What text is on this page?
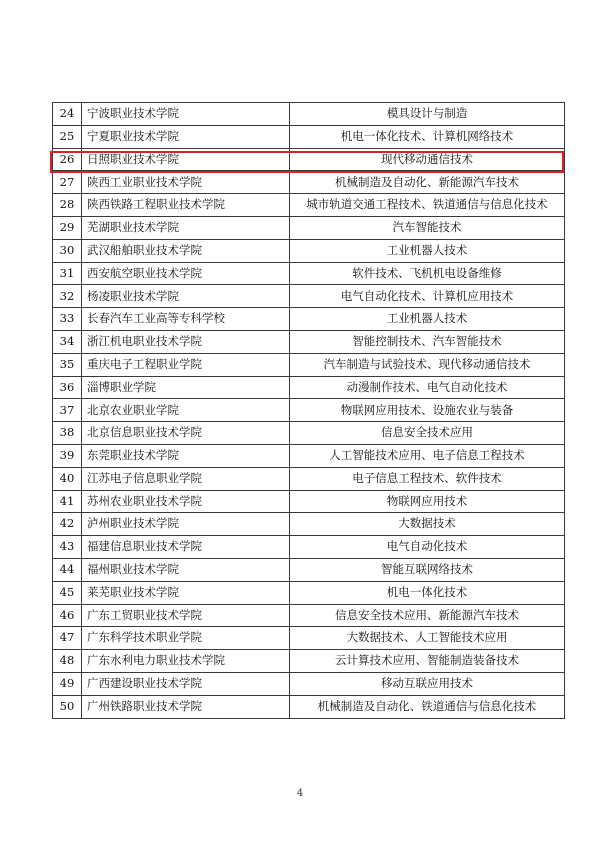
24	宁波职业技术学院	模具设计与制造
25	宁夏职业技术学院	机电一体化技术、计算机网络技术
26	日照职业技术学院	现代移动通信技术
27	陕西工业职业技术学院	机械制造及自动化、新能源汽车技术
28	陕西铁路工程职业技术学院	城市轨道交通工程技术、铁道通信与信息化技术
29	芜湖职业技术学院	汽车智能技术
30	武汉船舶职业技术学院	工业机器人技术
31	西安航空职业技术学院	软件技术、飞机机电设备维修
32	杨凌职业技术学院	电气自动化技术、计算机应用技术
33	长春汽车工业高等专科学校	工业机器人技术
34	浙江机电职业技术学院	智能控制技术、汽车智能技术
35	重庆电子工程职业学院	汽车制造与试验技术、现代移动通信技术
36	淄博职业学院	动漫制作技术、电气自动化技术
37	北京农业职业学院	物联网应用技术、设施农业与装备
38	北京信息职业技术学院	信息安全技术应用
39	东莞职业技术学院	人工智能技术应用、电子信息工程技术
40	江苏电子信息职业学院	电子信息工程技术、软件技术
41	苏州农业职业技术学院	物联网应用技术
42	泸州职业技术学院	大数据技术
43	福建信息职业技术学院	电气自动化技术
44	福州职业技术学院	智能互联网络技术
45	莱芜职业技术学院	机电一体化技术
46	广东工贸职业技术学院	信息安全技术应用、新能源汽车技术
47	广东科学技术职业学院	大数据技术、人工智能技术应用
48	广东水利电力职业技术学院	云计算技术应用、智能制造装备技术
49	广西建设职业技术学院	移动互联应用技术
50	广州铁路职业技术学院	机械制造及自动化、铁道通信与信息化技术
4
